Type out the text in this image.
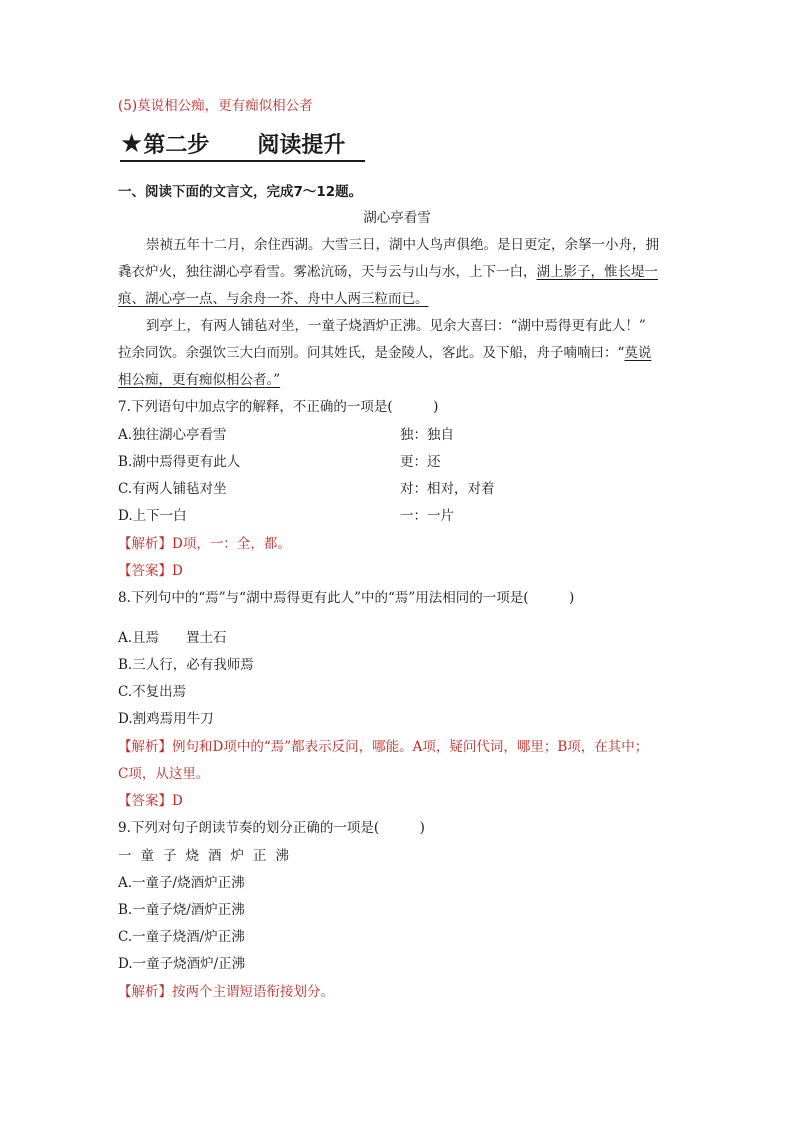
(5)莫说相公痴，更有痴似相公者
★第二步 阅读提升
一、阅读下面的文言文，完成7～12题。
湖心亭看雪
崇祯五年十二月，余住西湖。大雪三日，湖中人鸟声俱绝。是日更定，余拏一小舟，拥
毳衣炉火，独往湖心亭看雪。雾凇沆砀，天与云与山与水，上下一白，湖上影子，惟长堤一
痕、湖心亭一点、与余舟一芥、舟中人两三粒而已。
到亭上，有两人铺毡对坐，一童子烧酒炉正沸。见余大喜曰：“湖中焉得更有此人！”
拉余同饮。余强饮三大白而别。问其姓氏，是金陵人，客此。及下船，舟子喃喃曰：“莫说
相公痴，更有痴似相公者。”
7.下列语句中加点字的解释，不正确的一项是(　　　)
A.独往湖心亭看雪	独：独自
B.湖中焉得更有此人	更：还
C.有两人铺毡对坐	对：相对，对着
D.上下一白	一：一片
【解析】D项，一：全，都。
【答案】D
8.下列句中的“焉”与“湖中焉得更有此人”中的“焉”用法相同的一项是(　　　)
A.且焉　　置土石
B.三人行，必有我师焉
C.不复出焉
D.割鸡焉用牛刀
【解析】例句和D项中的“焉”都表示反问，哪能。A项，疑问代词，哪里；B项，在其中；
C项，从这里。
【答案】D
9.下列对句子朗读节奏的划分正确的一项是(　　　)
一童子烧酒炉正沸
A.一童子/烧酒炉正沸
B.一童子烧/酒炉正沸
C.一童子烧酒/炉正沸
D.一童子烧酒炉/正沸
【解析】按两个主谓短语衔接划分。
